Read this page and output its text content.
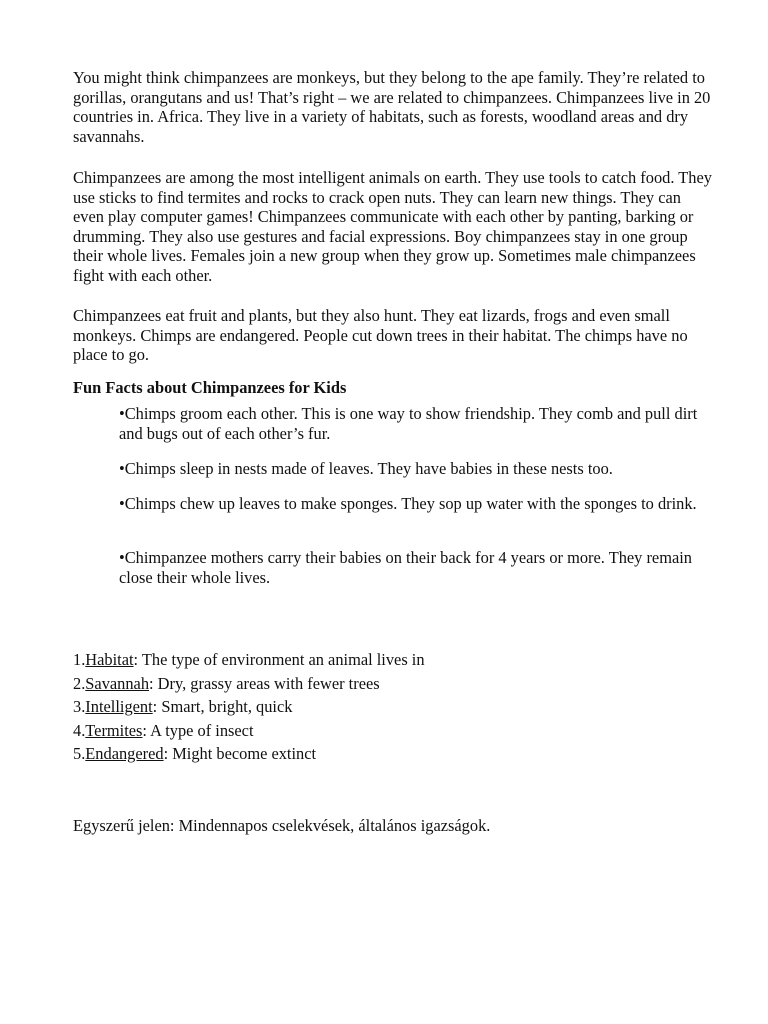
You might think chimpanzees are monkeys, but they belong to the ape family. They’re related to gorillas, orangutans and us! That’s right – we are related to chimpanzees. Chimpanzees live in 20 countries in. Africa. They live in a variety of habitats, such as forests, woodland areas and dry savannahs.

Chimpanzees are among the most intelligent animals on earth. They use tools to catch food. They use sticks to find termites and rocks to crack open nuts. They can learn new things. They can even play computer games! Chimpanzees communicate with each other by panting, barking or drumming. They also use gestures and facial expressions. Boy chimpanzees stay in one group their whole lives. Females join a new group when they grow up. Sometimes male chimpanzees fight with each other.

Chimpanzees eat fruit and plants, but they also hunt. They eat lizards, frogs and even small monkeys. Chimps are endangered. People cut down trees in their habitat. The chimps have no place to go.

Fun Facts about Chimpanzees for Kids
•Chimps groom each other. This is one way to show friendship. They comb and pull dirt and bugs out of each other’s fur.
•Chimps sleep in nests made of leaves. They have babies in these nests too.
•Chimps chew up leaves to make sponges. They sop up water with the sponges to drink.
•Chimpanzee mothers carry their babies on their back for 4 years or more. They remain close their whole lives.
1.Habitat: The type of environment an animal lives in
2.Savannah: Dry, grassy areas with fewer trees
3.Intelligent: Smart, bright, quick
4.Termites: A type of insect
5.Endangered: Might become extinct

Egyszerű jelen: Mindennapos cselekvések, általános igazságok.
